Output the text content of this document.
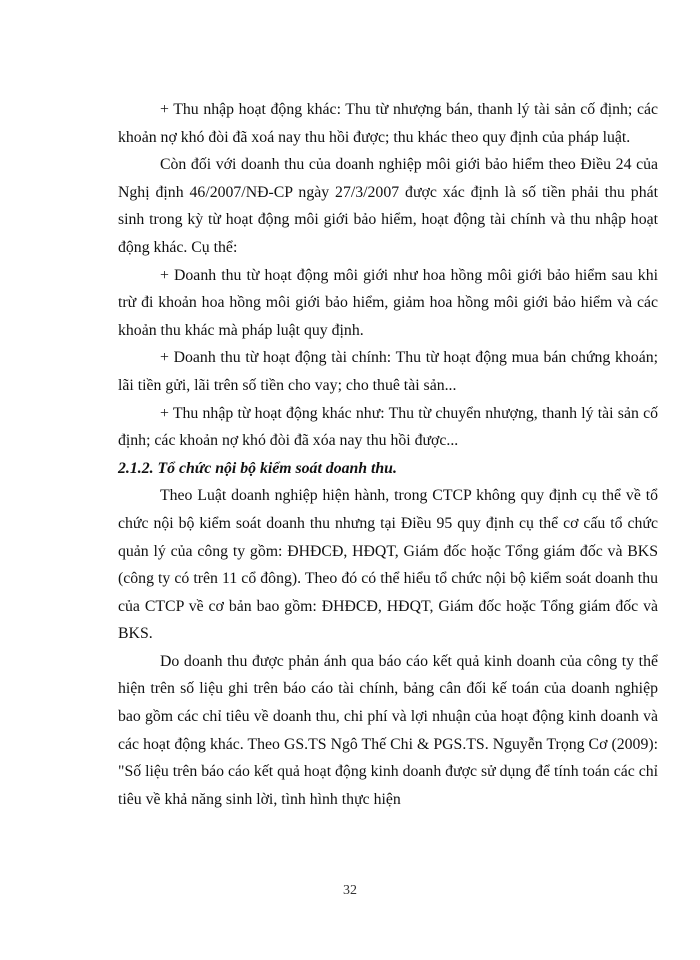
+ Thu nhập hoạt động khác: Thu từ nhượng bán, thanh lý tài sản cố định; các khoản nợ khó đòi đã xoá nay thu hồi được; thu khác theo quy định của pháp luật.

Còn đối với doanh thu của doanh nghiệp môi giới bảo hiểm theo Điều 24 của Nghị định 46/2007/NĐ-CP ngày 27/3/2007 được xác định là số tiền phải thu phát sinh trong kỳ từ hoạt động môi giới bảo hiểm, hoạt động tài chính và thu nhập hoạt động khác. Cụ thể:

+ Doanh thu từ hoạt động môi giới như hoa hồng môi giới bảo hiểm sau khi trừ đi khoản hoa hồng môi giới bảo hiểm, giảm hoa hồng môi giới bảo hiểm và các khoản thu khác mà pháp luật quy định.

+ Doanh thu từ hoạt động tài chính: Thu từ hoạt động mua bán chứng khoán; lãi tiền gửi, lãi trên số tiền cho vay; cho thuê tài sản...

+ Thu nhập từ hoạt động khác như: Thu từ chuyển nhượng, thanh lý tài sản cố định; các khoản nợ khó đòi đã xóa nay thu hồi được...

2.1.2. Tổ chức nội bộ kiểm soát doanh thu.

Theo Luật doanh nghiệp hiện hành, trong CTCP không quy định cụ thể về tổ chức nội bộ kiểm soát doanh thu nhưng tại Điều 95 quy định cụ thể cơ cấu tổ chức quản lý của công ty gồm: ĐHĐCĐ, HĐQT, Giám đốc hoặc Tổng giám đốc và BKS (công ty có trên 11 cổ đông). Theo đó có thể hiểu tổ chức nội bộ kiểm soát doanh thu của CTCP về cơ bản bao gồm: ĐHĐCĐ, HĐQT, Giám đốc hoặc Tổng giám đốc và BKS.

Do doanh thu được phản ánh qua báo cáo kết quả kinh doanh của công ty thể hiện trên số liệu ghi trên báo cáo tài chính, bảng cân đối kế toán của doanh nghiệp bao gồm các chỉ tiêu về doanh thu, chi phí và lợi nhuận của hoạt động kinh doanh và các hoạt động khác. Theo GS.TS Ngô Thế Chi & PGS.TS. Nguyễn Trọng Cơ (2009): "Số liệu trên báo cáo kết quả hoạt động kinh doanh được sử dụng để tính toán các chỉ tiêu về khả năng sinh lời, tình hình thực hiện

32
